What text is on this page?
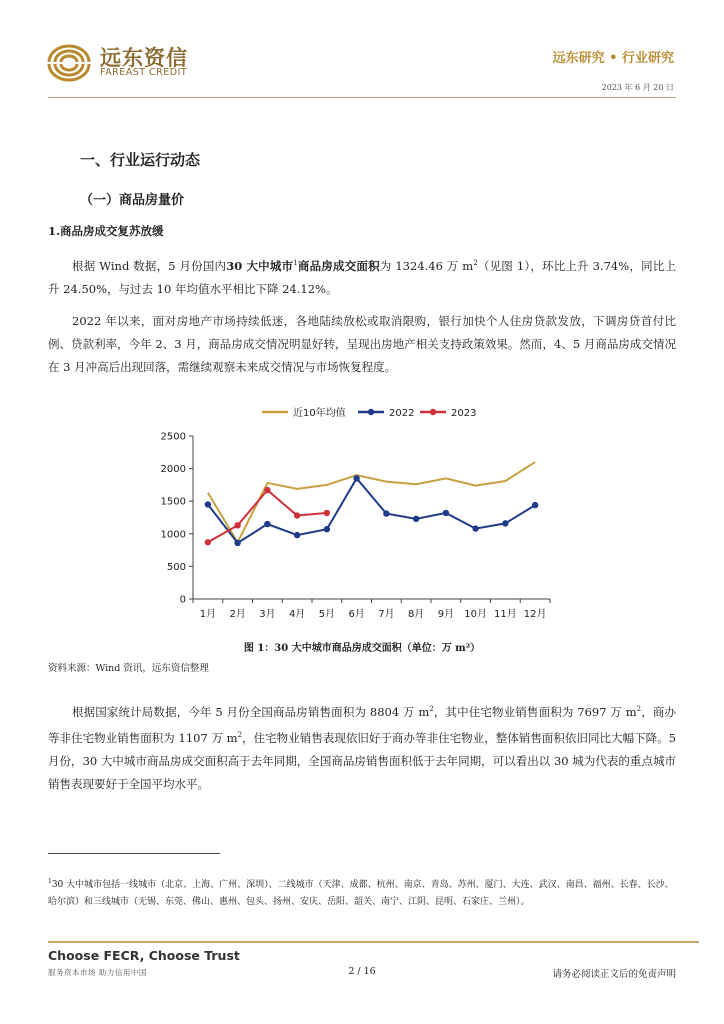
远东资信
FAREAST CREDIT
远东研究 • 行业研究
2023 年 6 月 20 日
一、行业运行动态
（一）商品房量价
1.商品房成交复苏放缓
根据 Wind 数据，5 月份国内30 大中城市$^1$商品房成交面积为 1324.46 万 $m^2$（见图 1），环比上升 3.74%，同比上升 24.50%，与过去 10 年均值水平相比下降 24.12%。
2022 年以来，面对房地产市场持续低迷，各地陆续放松或取消限购，银行加快个人住房贷款发放，下调房贷首付比例、贷款利率，今年 2、3 月，商品房成交情况明显好转，呈现出房地产相关支持政策效果。然而，4、5 月商品房成交情况在 3 月冲高后出现回落，需继续观察未来成交情况与市场恢复程度。
0
500
1000
1500
2000
2500
1月 2月 3月 4月 5月 6月 7月 8月 9月 10月 11月 12月
近10年均值	2022	2023
图 1：30 大中城市商品房成交面积（单位：万 m²）
资料来源：Wind 资讯，远东资信整理
根据国家统计局数据，今年 5 月份全国商品房销售面积为 8804 万 $m^2$，其中住宅物业销售面积为 7697 万 $m^2$，商办等非住宅物业销售面积为 1107 万 $m^2$，住宅物业销售表现依旧好于商办等非住宅物业，整体销售面积依旧同比大幅下降。5 月份，30 大中城市商品房成交面积高于去年同期，全国商品房销售面积低于去年同期，可以看出以 30 城为代表的重点城市销售表现要好于全国平均水平。
$^1$30 大中城市包括一线城市（北京、上海、广州、深圳）、二线城市（天津、成都、杭州、南京、青岛、苏州、厦门、大连、武汉、南昌、福州、长春、长沙、哈尔滨）和三线城市（无锡、东莞、佛山、惠州、包头、扬州、安庆、岳阳、韶关、南宁、江阴、昆明、石家庄、兰州）。
Choose FECR, Choose Trust
服务资本市场 助力信用中国	2 / 16	请务必阅读正文后的免责声明
